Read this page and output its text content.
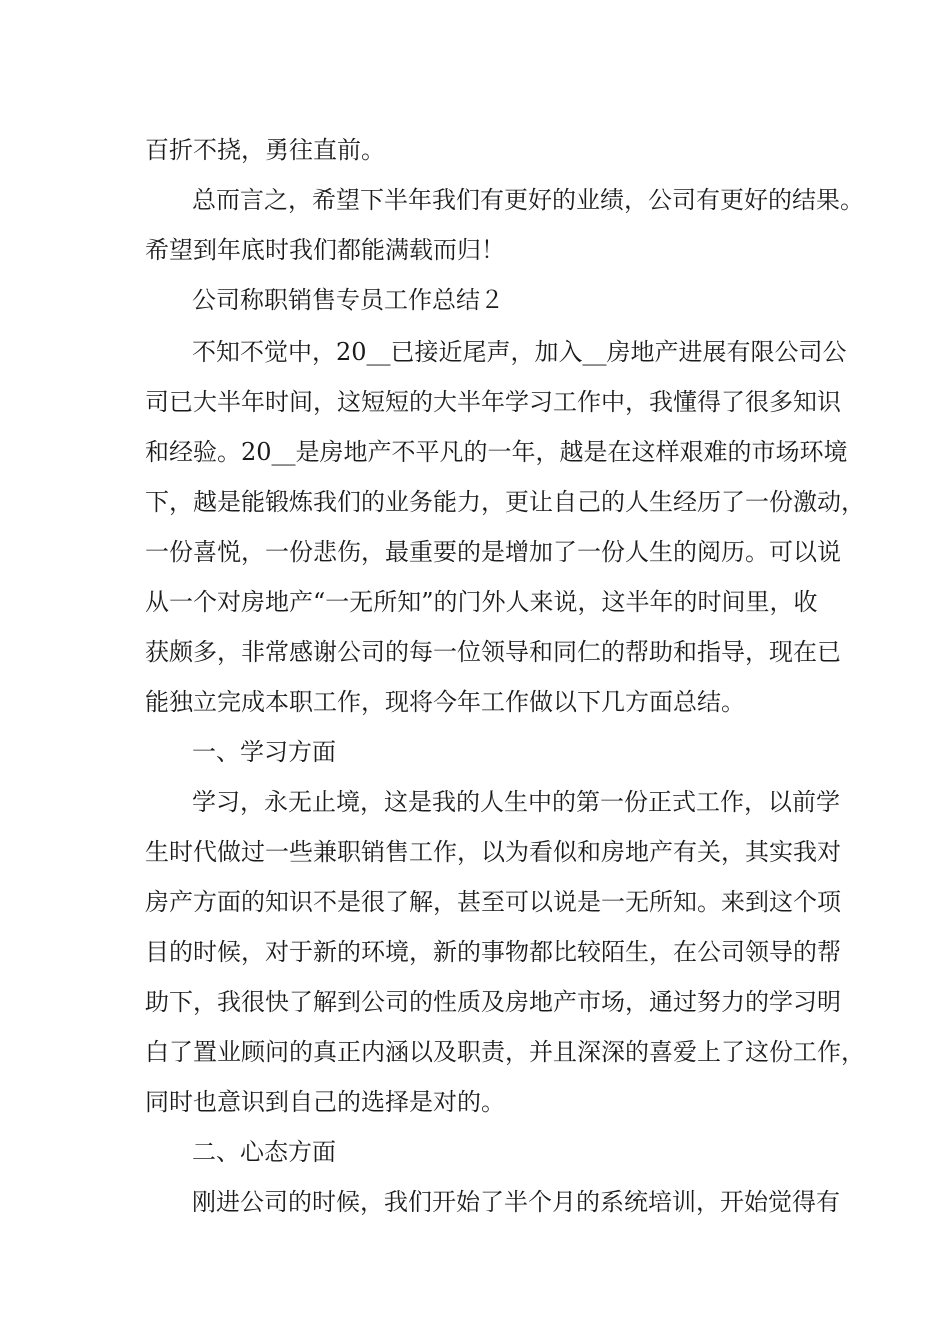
百折不挠，勇往直前。
总而言之，希望下半年我们有更好的业绩，公司有更好的结果。
希望到年底时我们都能满载而归！
公司称职销售专员工作总结２
不知不觉中，20__已接近尾声，加入__房地产进展有限公司公
司已大半年时间，这短短的大半年学习工作中，我懂得了很多知识
和经验。20__是房地产不平凡的一年，越是在这样艰难的市场环境
下，越是能锻炼我们的业务能力，更让自己的人生经历了一份激动，
一份喜悦，一份悲伤，最重要的是增加了一份人生的阅历。可以说
从一个对房地产“一无所知”的门外人来说，这半年的时间里，收
获颇多，非常感谢公司的每一位领导和同仁的帮助和指导，现在已
能独立完成本职工作，现将今年工作做以下几方面总结。
一、学习方面
学习，永无止境，这是我的人生中的第一份正式工作，以前学
生时代做过一些兼职销售工作，以为看似和房地产有关，其实我对
房产方面的知识不是很了解，甚至可以说是一无所知。来到这个项
目的时候，对于新的环境，新的事物都比较陌生，在公司领导的帮
助下，我很快了解到公司的性质及房地产市场，通过努力的学习明
白了置业顾问的真正内涵以及职责，并且深深的喜爱上了这份工作，
同时也意识到自己的选择是对的。
二、心态方面
刚进公司的时候，我们开始了半个月的系统培训，开始觉得有
